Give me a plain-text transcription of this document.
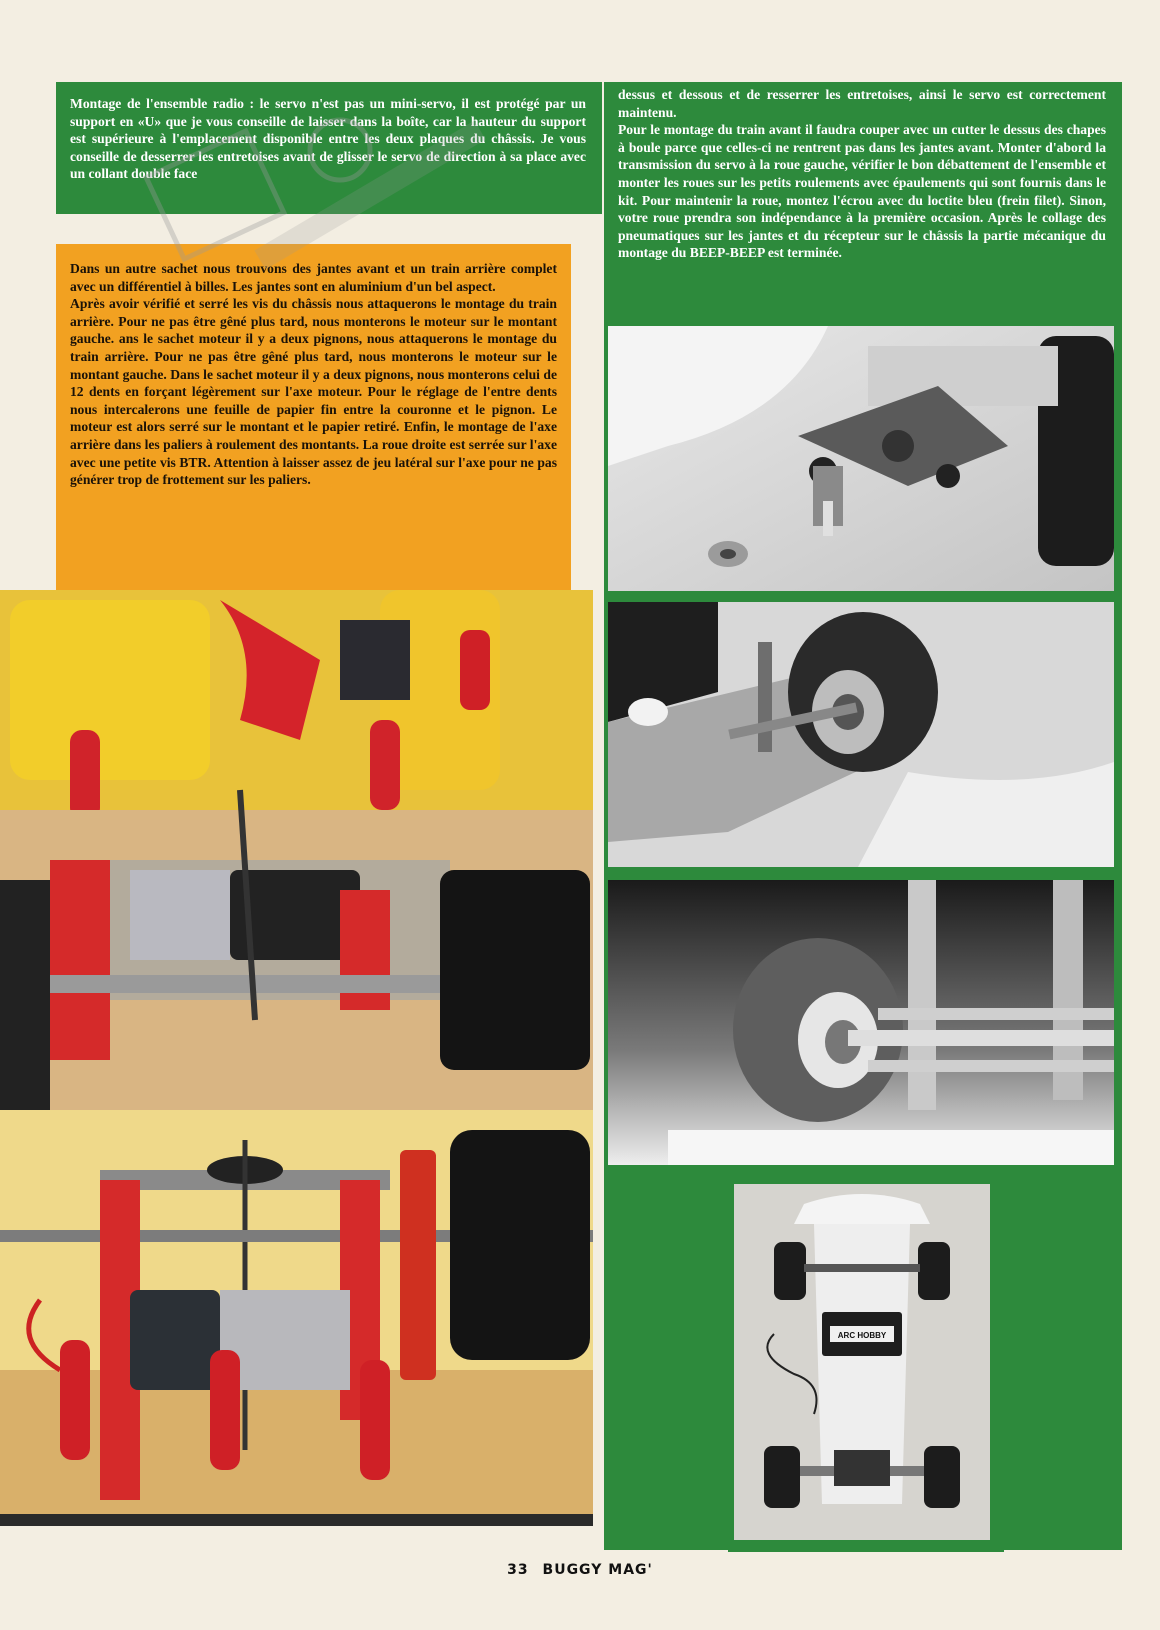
Montage de l'ensemble radio : le servo n'est pas un mini-servo, il est protégé par un support en «U» que je vous conseille de laisser dans la boîte, car la hauteur du support est supérieure à l'emplacement disponible entre les deux plaques du châssis. Je vous conseille de desserrer les entretoises avant de glisser le servo de direction à sa place avec un collant double face

dessus et dessous et de resserrer les entretoises, ainsi le servo est correctement maintenu.

Pour le montage du train avant il faudra couper avec un cutter le dessus des chapes à boule parce que celles-ci ne rentrent pas dans les jantes avant. Monter d'abord la transmission du servo à la roue gauche, vérifier le bon débattement de l'ensemble et monter les roues sur les petits roulements avec épaulements qui sont fournis dans le kit. Pour maintenir la roue, montez l'écrou avec du loctite bleu (frein filet). Sinon, votre roue prendra son indépendance à la première occasion. Après le collage des pneumatiques sur les jantes et du récepteur sur le châssis la partie mécanique du montage du BEEP-BEEP est terminée.

Dans un autre sachet nous trouvons des jantes avant et un train arrière complet avec un différentiel à billes. Les jantes sont en aluminium d'un bel aspect.

Après avoir vérifié et serré les vis du châssis nous attaquerons le montage du train arrière. Pour ne pas être gêné plus tard, nous monterons le moteur sur le montant gauche. ans le sachet moteur il y a deux pignons, nous attaquerons le montage du train arrière. Pour ne pas être gêné plus tard, nous monterons le moteur sur le montant gauche. Dans le sachet moteur il y a deux pignons, nous monterons celui de 12 dents en forçant légèrement sur l'axe moteur. Pour le réglage de l'entre dents nous intercalerons une feuille de papier fin entre la couronne et le pignon. Le moteur est alors serré sur le montant et le papier retiré. Enfin, le montage de l'axe arrière dans les paliers à roulement des montants. La roue droite est serrée sur l'axe avec une petite vis BTR. Attention à laisser assez de jeu latéral sur l'axe pour ne pas générer trop de frottement sur les paliers.

ARC HOBBY
33 BUGGY MAG'
